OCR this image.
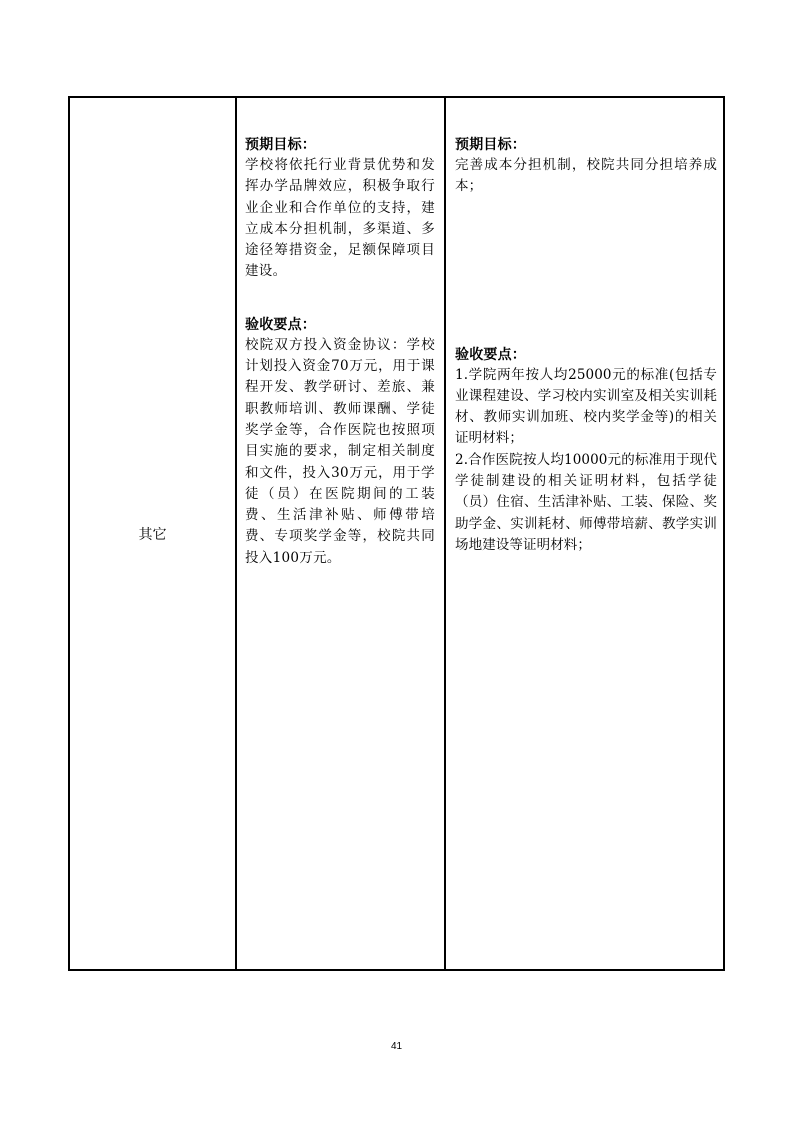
其它
预期目标：

学校将依托行业背景优势和发挥办学品牌效应，积极争取行业企业和合作单位的支持，建立成本分担机制，多渠道、多途径筹措资金，足额保障项目建设。

验收要点：

校院双方投入资金协议：学校计划投入资金70万元，用于课程开发、教学研讨、差旅、兼职教师培训、教师课酬、学徒奖学金等，合作医院也按照项目实施的要求，制定相关制度和文件，投入30万元，用于学徒（员）在医院期间的工装费、生活津补贴、师傅带培费、专项奖学金等，校院共同投入100万元。

预期目标：

完善成本分担机制，校院共同分担培养成本；

验收要点：

1.学院两年按人均25000元的标准(包括专业课程建设、学习校内实训室及相关实训耗材、教师实训加班、校内奖学金等)的相关证明材料；

2.合作医院按人均10000元的标准用于现代学徒制建设的相关证明材料，包括学徒（员）住宿、生活津补贴、工装、保险、奖助学金、实训耗材、师傅带培薪、教学实训场地建设等证明材料；

41
